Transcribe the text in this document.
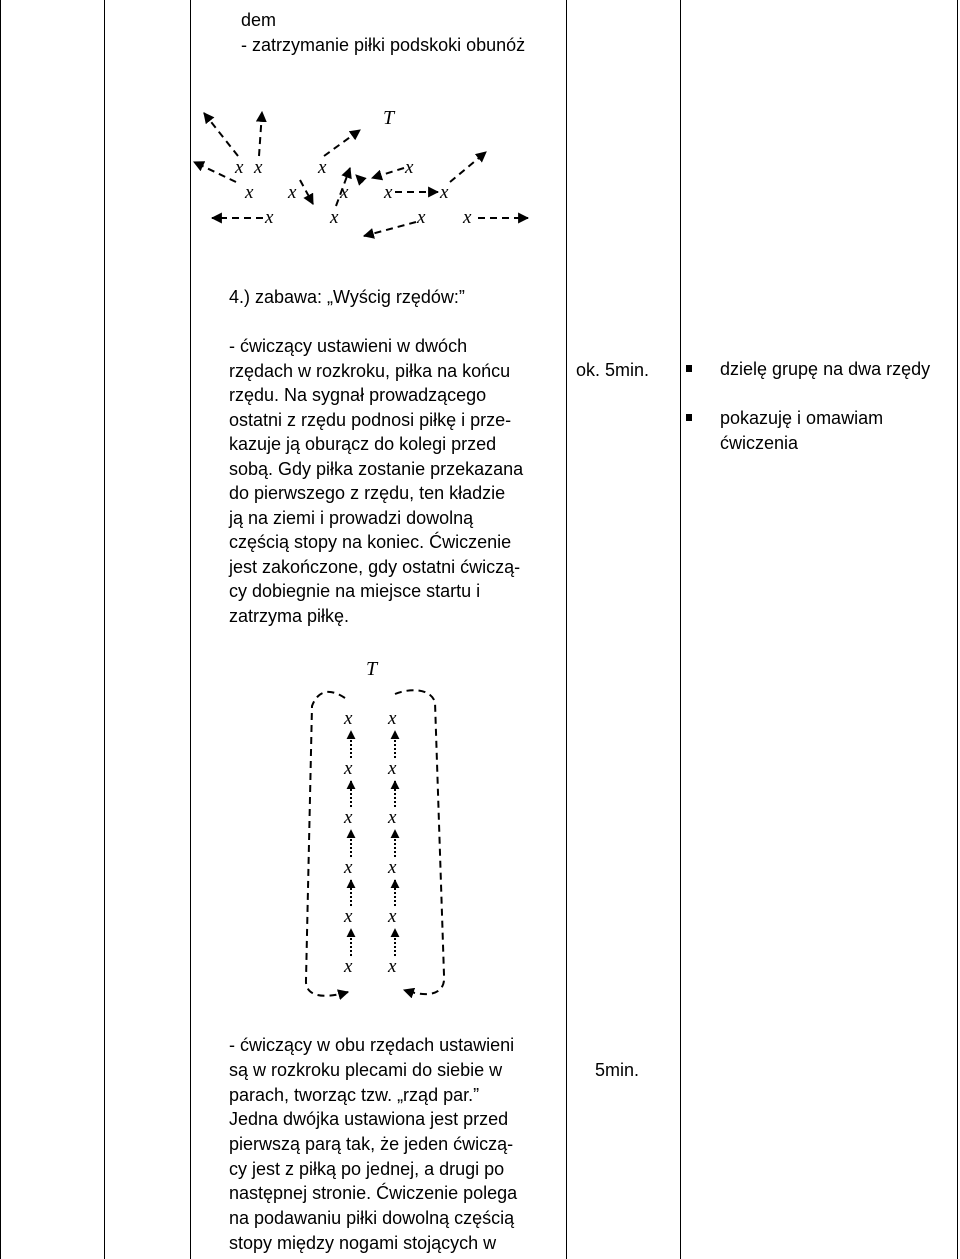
dem
- zatrzymanie piłki podskoki obunóż
T
x x	x	x
x x x x	x
x	x	x x
4.) zabawa: „Wyścig rzędów:”
- ćwiczący ustawieni w dwóch
rzędach w rozkroku, piłka na końcu
rzędu. Na sygnał prowadzącego
ostatni z rzędu podnosi piłkę i prze-
kazuje ją oburącz do kolegi przed
sobą. Gdy piłka zostanie przekazana
do pierwszego z rzędu, ten kładzie
ją na ziemi i prowadzi dowolną
częścią stopy na koniec. Ćwiczenie
jest zakończone, gdy ostatni ćwiczą-
cy dobiegnie na miejsce startu i
zatrzyma piłkę.
ok. 5min.	dzielę grupę na dwa rzędy
pokazuję i omawiam
ćwiczenia
T
x x
x x
x x
x x
x x
x x
- ćwiczący w obu rzędach ustawieni
są w rozkroku plecami do siebie w
parach, tworząc tzw. „rząd par.”
Jedna dwójka ustawiona jest przed
pierwszą parą tak, że jeden ćwiczą-
cy jest z piłką po jednej, a drugi po
następnej stronie. Ćwiczenie polega
na podawaniu piłki dowolną częścią
stopy między nogami stojących w
5min.
